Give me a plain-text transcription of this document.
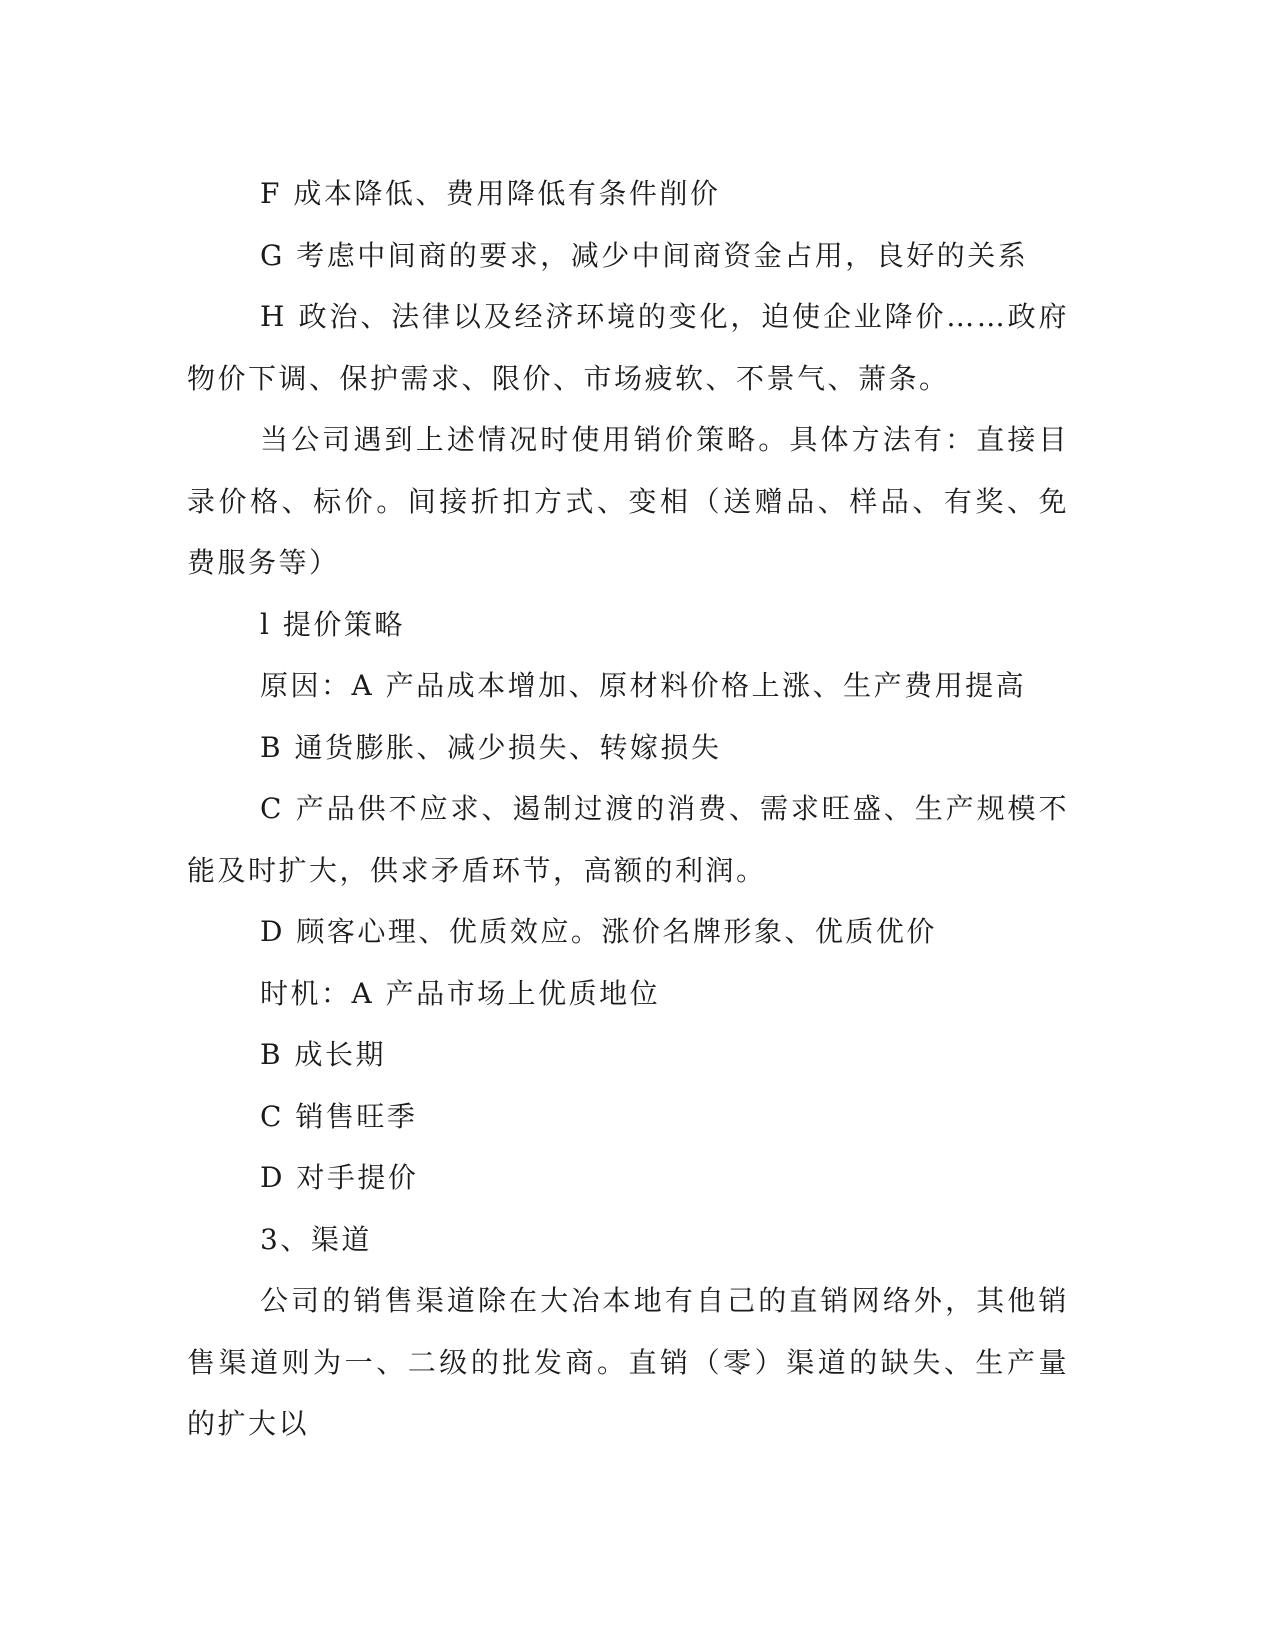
F 成本降低、费用降低有条件削价

G 考虑中间商的要求，减少中间商资金占用，良好的关系

H 政治、法律以及经济环境的变化，迫使企业降价……政府物价下调、保护需求、限价、市场疲软、不景气、萧条。

当公司遇到上述情况时使用销价策略。具体方法有：直接目录价格、标价。间接折扣方式、变相（送赠品、样品、有奖、免费服务等）

l 提价策略

原因：A 产品成本增加、原材料价格上涨、生产费用提高

B 通货膨胀、减少损失、转嫁损失

C 产品供不应求、遏制过渡的消费、需求旺盛、生产规模不能及时扩大，供求矛盾环节，高额的利润。

D 顾客心理、优质效应。涨价名牌形象、优质优价

时机：A 产品市场上优质地位

B 成长期

C 销售旺季

D 对手提价

3、渠道

公司的销售渠道除在大冶本地有自己的直销网络外，其他销售渠道则为一、二级的批发商。直销（零）渠道的缺失、生产量的扩大以
